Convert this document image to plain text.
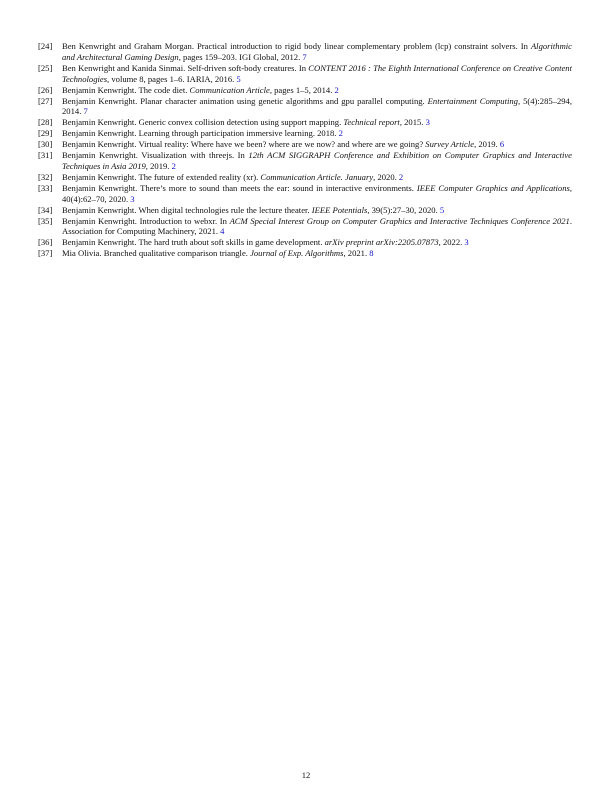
[24] Ben Kenwright and Graham Morgan. Practical introduction to rigid body linear complementary problem (lcp) constraint solvers. In Algorithmic and Architectural Gaming Design, pages 159–203. IGI Global, 2012. 7
[25] Ben Kenwright and Kanida Sinmai. Self-driven soft-body creatures. In CONTENT 2016 : The Eighth International Conference on Creative Content Technologies, volume 8, pages 1–6. IARIA, 2016. 5
[26] Benjamin Kenwright. The code diet. Communication Article, pages 1–5, 2014. 2
[27] Benjamin Kenwright. Planar character animation using genetic algorithms and gpu parallel computing. Entertainment Computing, 5(4):285–294, 2014. 7
[28] Benjamin Kenwright. Generic convex collision detection using support mapping. Technical report, 2015. 3
[29] Benjamin Kenwright. Learning through participation immersive learning. 2018. 2
[30] Benjamin Kenwright. Virtual reality: Where have we been? where are we now? and where are we going? Survey Article, 2019. 6
[31] Benjamin Kenwright. Visualization with threejs. In 12th ACM SIGGRAPH Conference and Exhibition on Computer Graphics and Interactive Techniques in Asia 2019, 2019. 2
[32] Benjamin Kenwright. The future of extended reality (xr). Communication Article. January, 2020. 2
[33] Benjamin Kenwright. There’s more to sound than meets the ear: sound in interactive environments. IEEE Computer Graphics and Applications, 40(4):62–70, 2020. 3
[34] Benjamin Kenwright. When digital technologies rule the lecture theater. IEEE Potentials, 39(5):27–30, 2020. 5
[35] Benjamin Kenwright. Introduction to webxr. In ACM Special Interest Group on Computer Graphics and Interactive Techniques Conference 2021. Association for Computing Machinery, 2021. 4
[36] Benjamin Kenwright. The hard truth about soft skills in game development. arXiv preprint arXiv:2205.07873, 2022. 3
[37] Mia Olivia. Branched qualitative comparison triangle. Journal of Exp. Algorithms, 2021. 8
12
